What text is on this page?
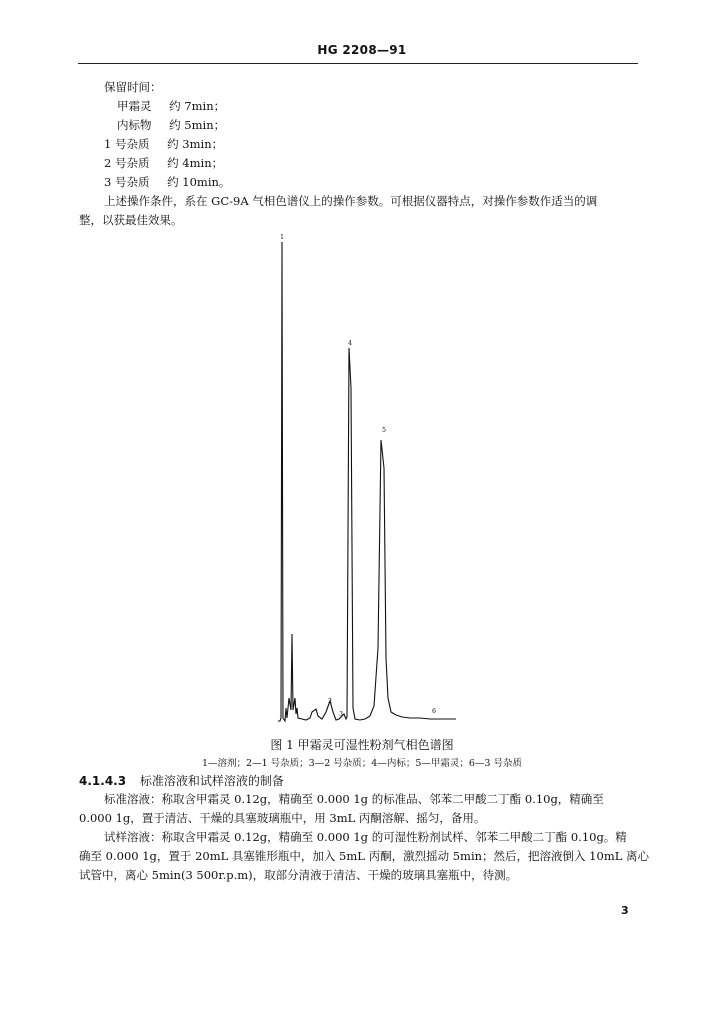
HG 2208—91
保留时间：
甲霜灵 约 7min；
内标物 约 5min；
1 号杂质 约 3min；
2 号杂质 约 4min；
3 号杂质 约 10min。
上述操作条件，系在 GC-9A 气相色谱仪上的操作参数。可根据仪器特点，对操作参数作适当的调
整，以获最佳效果。
1
2
3
4
5
6
图 1 甲霜灵可湿性粉剂气相色谱图
1—溶剂；2—1 号杂质；3—2 号杂质；4—内标；5—甲霜灵；6—3 号杂质
4.1.4.3 标准溶液和试样溶液的制备
标准溶液：称取含甲霜灵 0.12g，精确至 0.000 1g 的标准品、邻苯二甲酸二丁酯 0.10g，精确至
0.000 1g，置于清洁、干燥的具塞玻璃瓶中，用 3mL 丙酮溶解、摇匀，备用。
试样溶液：称取含甲霜灵 0.12g，精确至 0.000 1g 的可湿性粉剂试样、邻苯二甲酸二丁酯 0.10g。精
确至 0.000 1g，置于 20mL 具塞锥形瓶中，加入 5mL 丙酮，激烈摇动 5min；然后，把溶液倒入 10mL 离心
试管中，离心 5min(3 500r.p.m)，取部分清液于清洁、干燥的玻璃具塞瓶中，待测。
3
